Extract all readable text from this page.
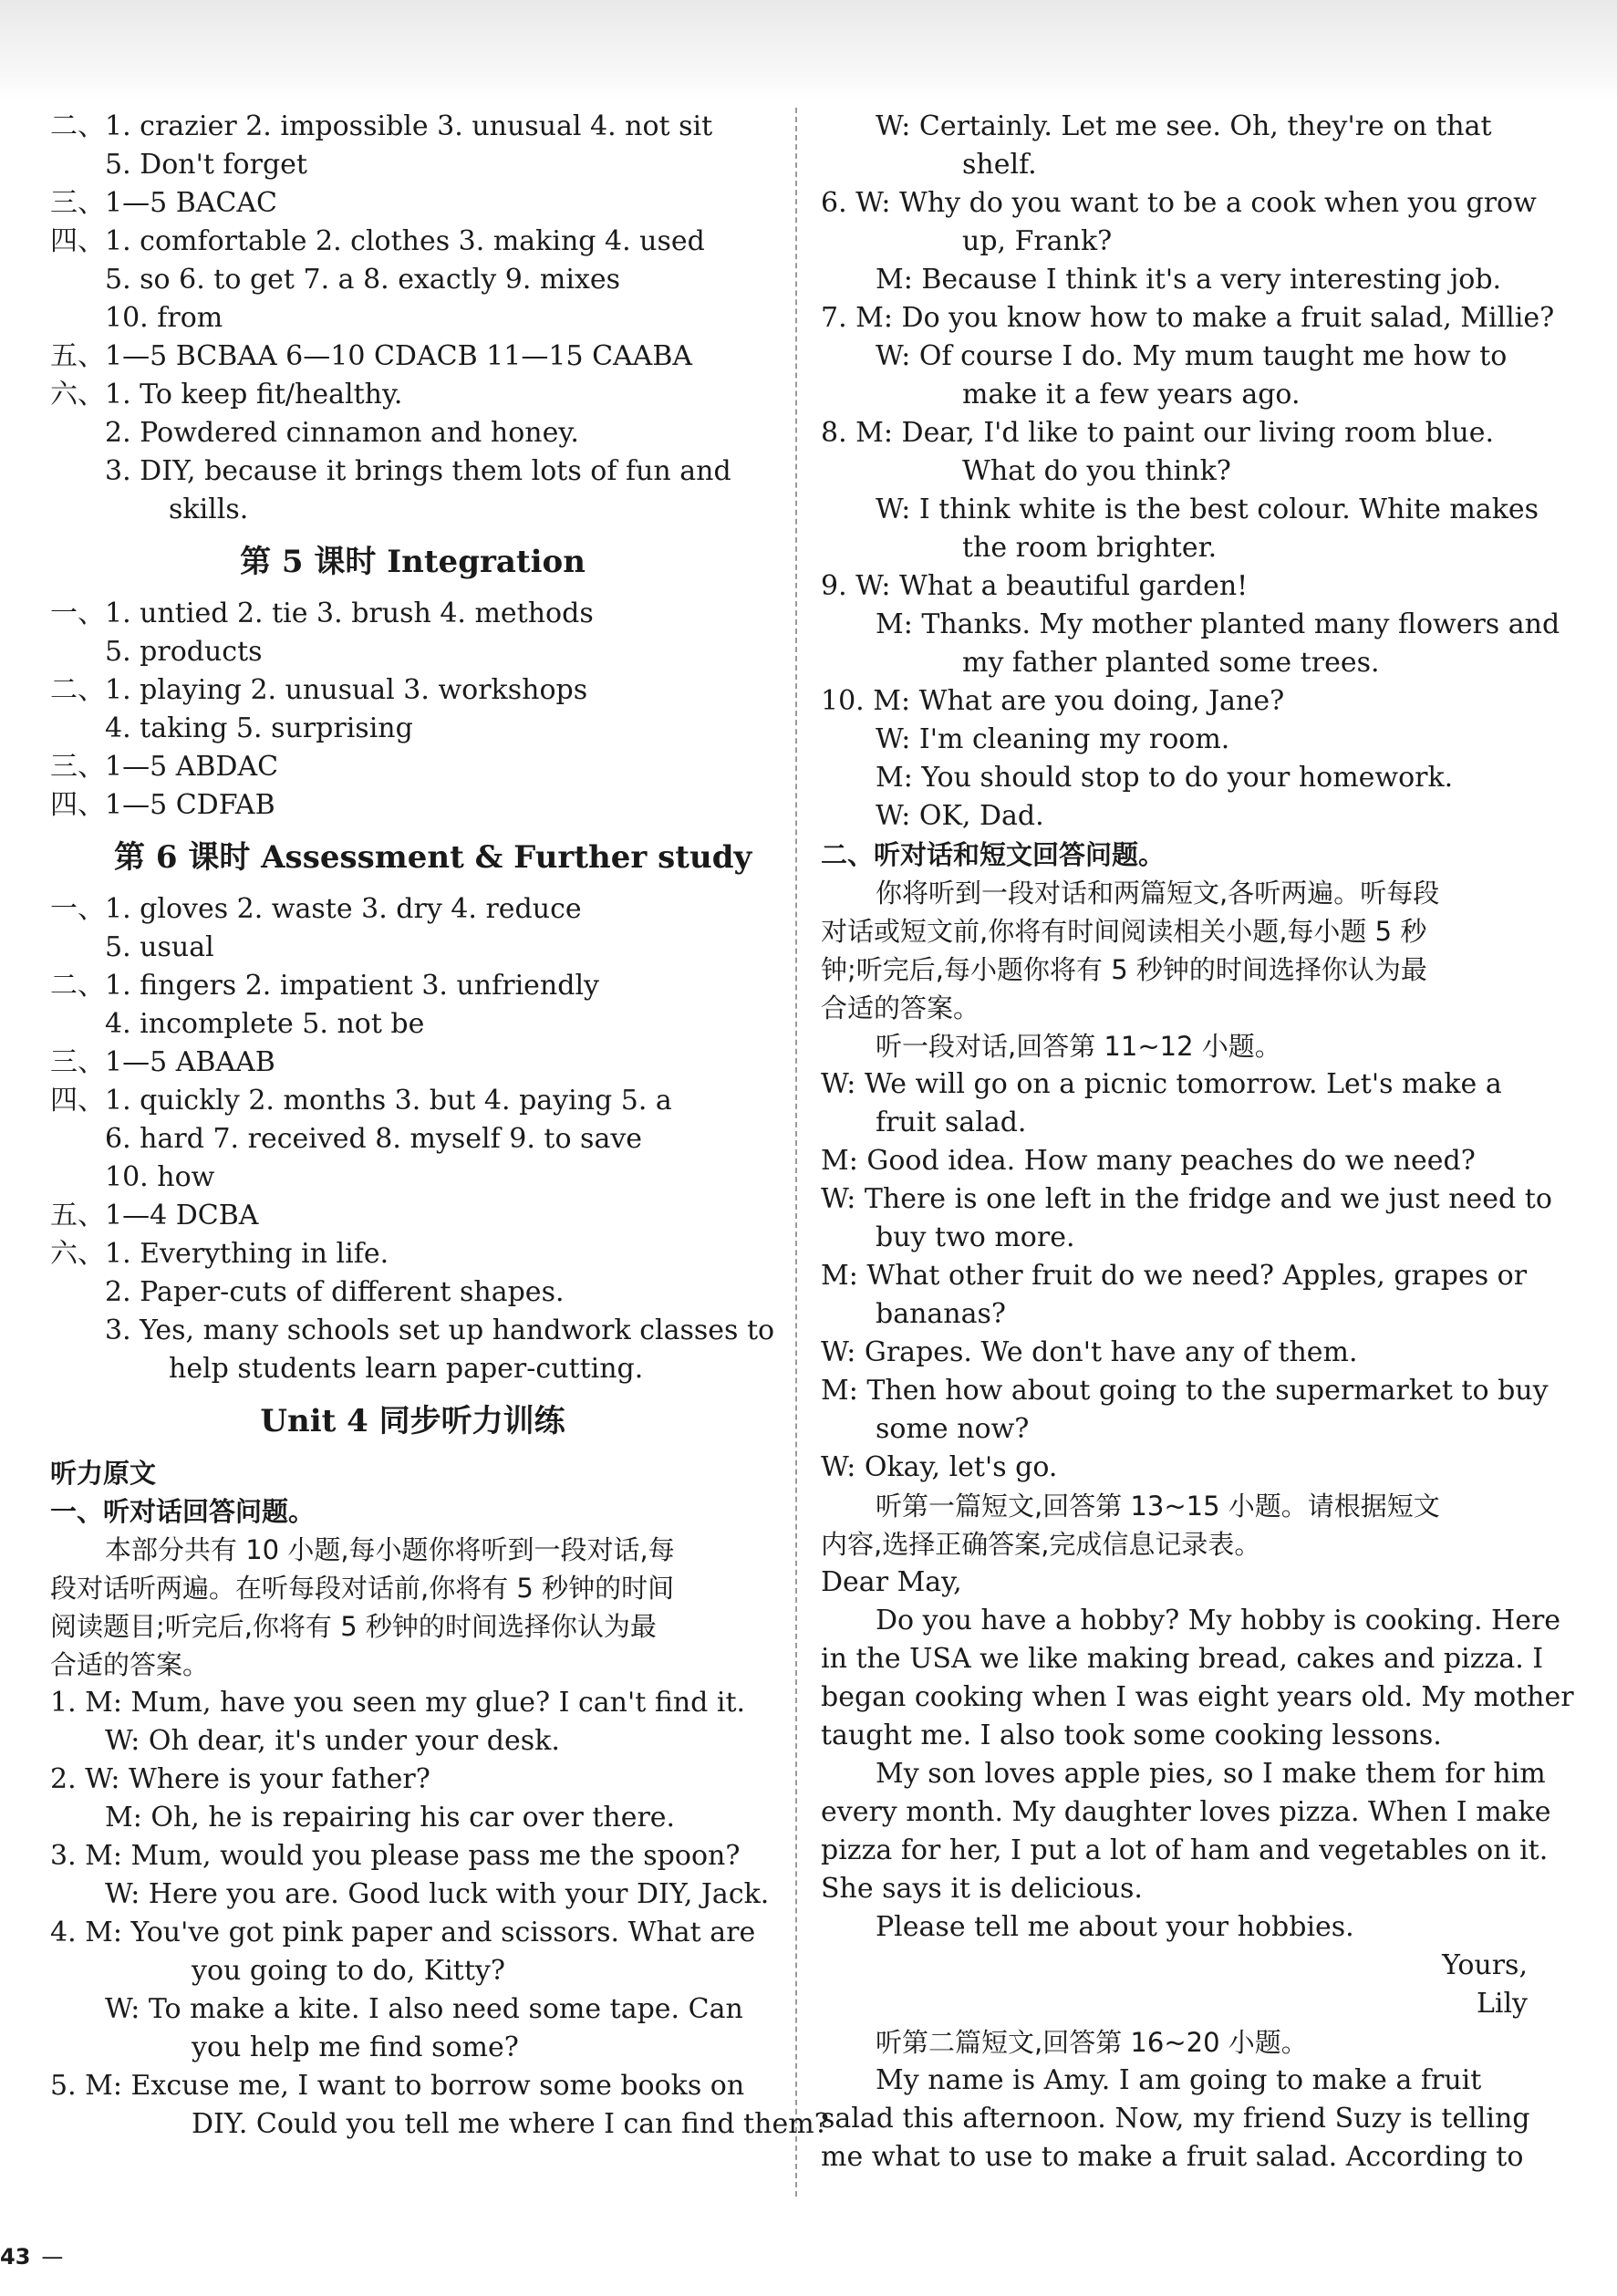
二、1. crazier 2. impossible 3. unusual 4. not sit
5. Don't forget
三、1—5 BACAC
四、1. comfortable 2. clothes 3. making 4. used
5. so 6. to get 7. a 8. exactly 9. mixes
10. from
五、1—5 BCBAA 6—10 CDACB 11—15 CAABA
六、1. To keep fit/healthy.
2. Powdered cinnamon and honey.
3. DIY, because it brings them lots of fun and
skills.
第 5 课时 Integration
一、1. untied 2. tie 3. brush 4. methods
5. products
二、1. playing 2. unusual 3. workshops
4. taking 5. surprising
三、1—5 ABDAC
四、1—5 CDFAB
第 6 课时 Assessment & Further study
一、1. gloves 2. waste 3. dry 4. reduce
5. usual
二、1. fingers 2. impatient 3. unfriendly
4. incomplete 5. not be
三、1—5 ABAAB
四、1. quickly 2. months 3. but 4. paying 5. a
6. hard 7. received 8. myself 9. to save
10. how
五、1—4 DCBA
六、1. Everything in life.
2. Paper-cuts of different shapes.
3. Yes, many schools set up handwork classes to
help students learn paper-cutting.
Unit 4 同步听力训练
听力原文
一、听对话回答问题。
本部分共有 10 小题,每小题你将听到一段对话,每
段对话听两遍。在听每段对话前,你将有 5 秒钟的时间
阅读题目;听完后,你将有 5 秒钟的时间选择你认为最
合适的答案。
1. M: Mum, have you seen my glue? I can't find it.
W: Oh dear, it's under your desk.
2. W: Where is your father?
M: Oh, he is repairing his car over there.
3. M: Mum, would you please pass me the spoon?
W: Here you are. Good luck with your DIY, Jack.
4. M: You've got pink paper and scissors. What are
you going to do, Kitty?
W: To make a kite. I also need some tape. Can
you help me find some?
5. M: Excuse me, I want to borrow some books on
DIY. Could you tell me where I can find them?
W: Certainly. Let me see. Oh, they're on that
shelf.
6. W: Why do you want to be a cook when you grow
up, Frank?
M: Because I think it's a very interesting job.
7. M: Do you know how to make a fruit salad, Millie?
W: Of course I do. My mum taught me how to
make it a few years ago.
8. M: Dear, I'd like to paint our living room blue.
What do you think?
W: I think white is the best colour. White makes
the room brighter.
9. W: What a beautiful garden!
M: Thanks. My mother planted many flowers and
my father planted some trees.
10. M: What are you doing, Jane?
W: I'm cleaning my room.
M: You should stop to do your homework.
W: OK, Dad.
二、听对话和短文回答问题。
你将听到一段对话和两篇短文,各听两遍。听每段
对话或短文前,你将有时间阅读相关小题,每小题 5 秒
钟;听完后,每小题你将有 5 秒钟的时间选择你认为最
合适的答案。
听一段对话,回答第 11~12 小题。
W: We will go on a picnic tomorrow. Let's make a
fruit salad.
M: Good idea. How many peaches do we need?
W: There is one left in the fridge and we just need to
buy two more.
M: What other fruit do we need? Apples, grapes or
bananas?
W: Grapes. We don't have any of them.
M: Then how about going to the supermarket to buy
some now?
W: Okay, let's go.
听第一篇短文,回答第 13~15 小题。请根据短文
内容,选择正确答案,完成信息记录表。
Dear May,
Do you have a hobby? My hobby is cooking. Here
in the USA we like making bread, cakes and pizza. I
began cooking when I was eight years old. My mother
taught me. I also took some cooking lessons.
My son loves apple pies, so I make them for him
every month. My daughter loves pizza. When I make
pizza for her, I put a lot of ham and vegetables on it.
She says it is delicious.
Please tell me about your hobbies.
Yours,
Lily
听第二篇短文,回答第 16~20 小题。
My name is Amy. I am going to make a fruit
salad this afternoon. Now, my friend Suzy is telling
me what to use to make a fruit salad. According to
43 —
